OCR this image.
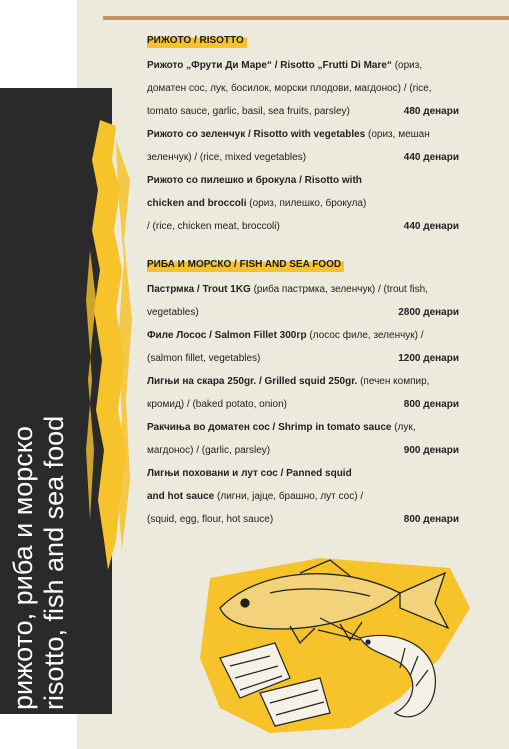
рижото, риба и морско risotto, fish and sea food
РИЖОТО / RISOTTO
Рижото „Фрути Ди Маре“ / Risotto „Frutti Di Mare“ (ориз,
доматен сос, лук, босилок, морски плодови, магдонос) / (rice,
tomato sauce, garlic, basil, sea fruits, parsley)	480 денари
Рижото со зеленчук / Risotto with vegetables (ориз, мешан
зеленчук) / (rice, mixed vegetables)	440 денари
Рижото со пилешко и брокула / Risotto with
chicken and broccoli (ориз, пилешко, брокула)
/ (rice, chicken meat, broccoli)	440 денари
РИБА И МОРСКО / FISH AND SEA FOOD
Пастрмка / Trout 1KG (риба пастрмка, зеленчук) / (trout fish,
vegetables)	2800 денари
Филе Лосос / Salmon Fillet 300гр (лосос филе, зеленчук) /
(salmon fillet, vegetables)	1200 денари
Лигњи на скара 250gr. / Grilled squid 250gr. (печен компир,
кромид) / (baked potato, onion)	800 денари
Ракчиња во доматен сос / Shrimp in tomato sauce (лук,
магдонос) / (garlic, parsley)	900 денари
Лигњи поховани и лут сос / Panned squid
and hot sauce (лигни, јајце, брашно, лут сос) /
(squid, egg, flour, hot sauce)	800 денари
